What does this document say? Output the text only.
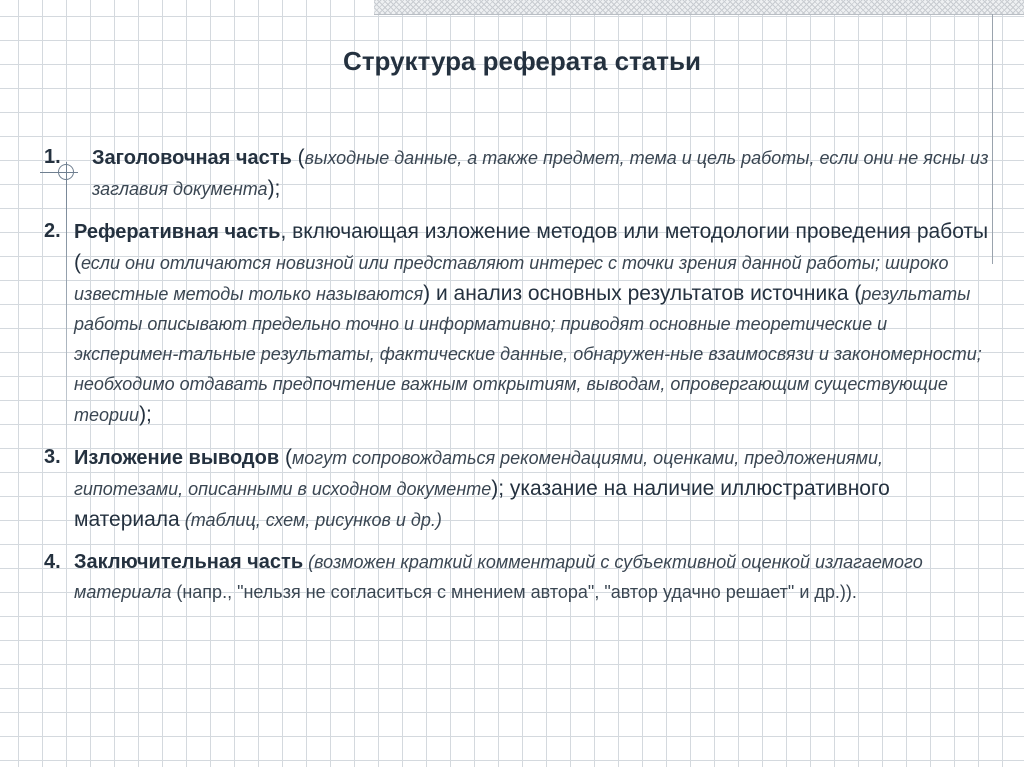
Структура реферата статьи
1.	Заголовочная часть (выходные данные, а также предмет, тема и цель работы, если они не ясны из заглавия документа);
2. Реферативная часть, включающая изложение методов или методологии проведения работы (если они отличаются новизной или представляют интерес с точки зрения данной работы; широко известные методы только называются) и анализ основных результатов источника (результаты работы описывают предельно точно и информативно; приводят основные теоретические и эксперимен-тальные результаты, фактические данные, обнаружен-ные взаимосвязи и закономерности; необходимо отдавать предпочтение важным открытиям, выводам, опровергающим существующие теории);
3. Изложение выводов (могут сопровождаться рекомендациями, оценками, предложениями, гипотезами, описанными в исходном документе); указание на наличие иллюстративного материала (таблиц, схем, рисунков и др.)
4. Заключительная часть (возможен краткий комментарий с субъективной оценкой излагаемого материала (напр., "нельзя не согласиться с мнением автора", "автор удачно решает" и др.)).
